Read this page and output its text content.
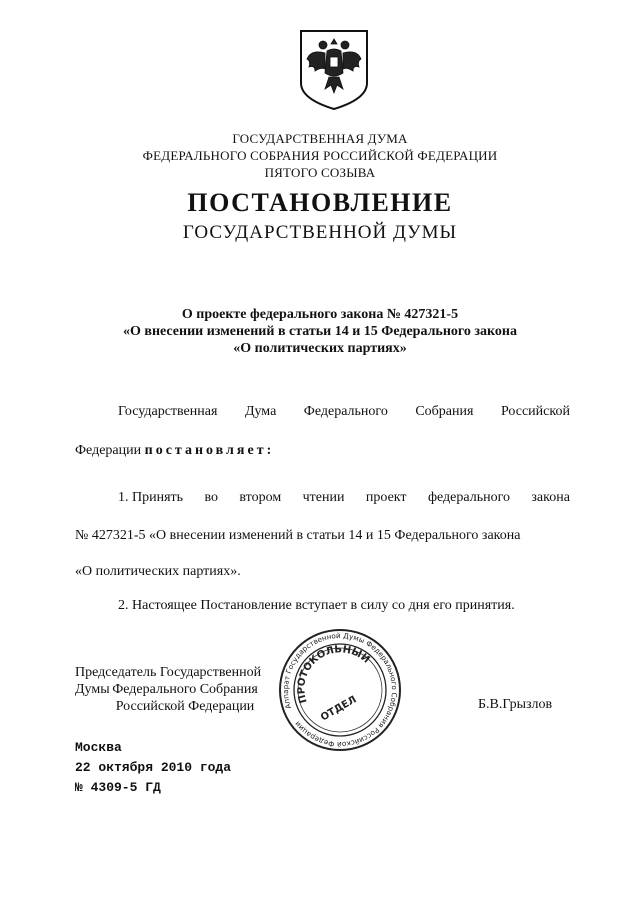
ГОСУДАРСТВЕННАЯ ДУМА
ФЕДЕРАЛЬНОГО СОБРАНИЯ РОССИЙСКОЙ ФЕДЕРАЦИИ
ПЯТОГО СОЗЫВА
ПОСТАНОВЛЕНИЕ
ГОСУДАРСТВЕННОЙ ДУМЫ
О проекте федерального закона № 427321-5
«О внесении изменений в статьи 14 и 15 Федерального закона
«О политических партиях»
Государственная Дума Федерального Собрания Российской
Федерации постановляет:
1. Принять во втором чтении проект федерального закона
№ 427321-5 «О внесении изменений в статьи 14 и 15 Федерального закона
«О политических партиях».
2. Настоящее Постановление вступает в силу со дня его принятия.
Председатель Государственной Думы Федерального Собрания
Российской Федерации	Б.В.Грызлов
Аппарат Государственной Думы Федерального Собрания Российской Федерации
ПРОТОКОЛЬНЫЙ
ОТДЕЛ
Москва
22 октября 2010 года
№ 4309-5 ГД
